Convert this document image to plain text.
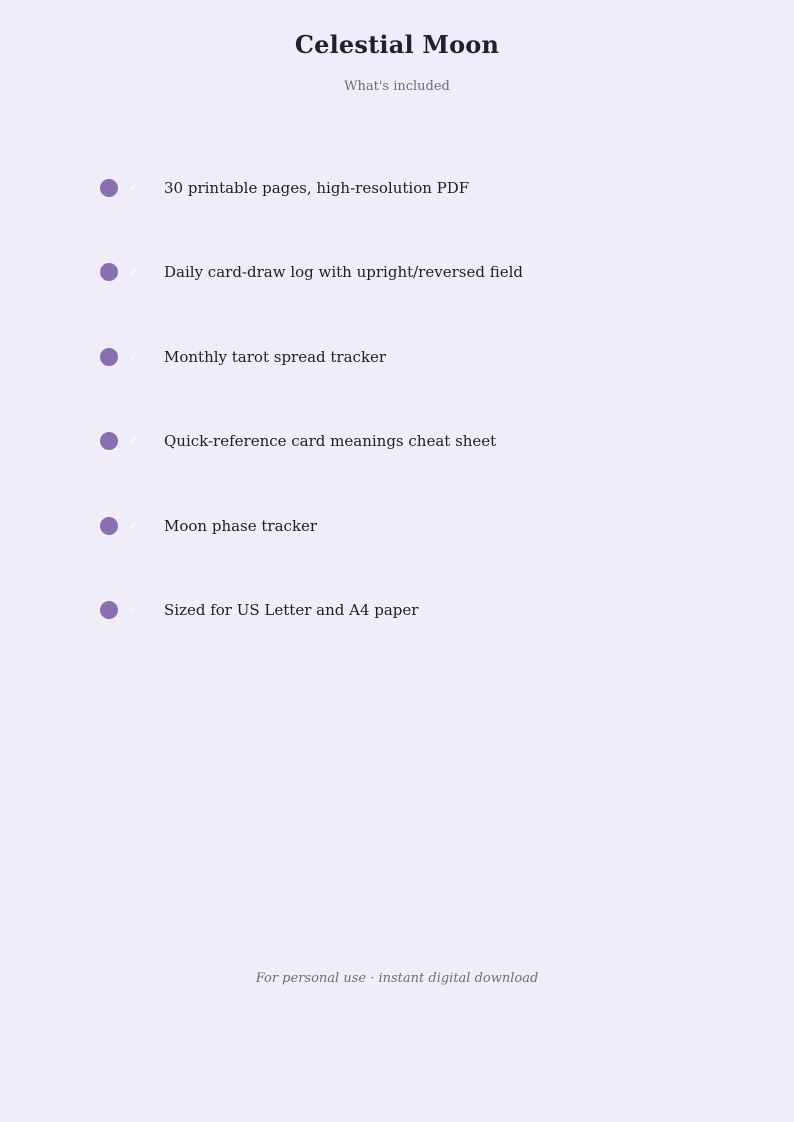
Celestial Moon
What's included
✓ 30 printable pages, high-resolution PDF
✓ Daily card-draw log with upright/reversed field
✓ Monthly tarot spread tracker
✓ Quick-reference card meanings cheat sheet
✓ Moon phase tracker
✓ Sized for US Letter and A4 paper
For personal use · instant digital download
